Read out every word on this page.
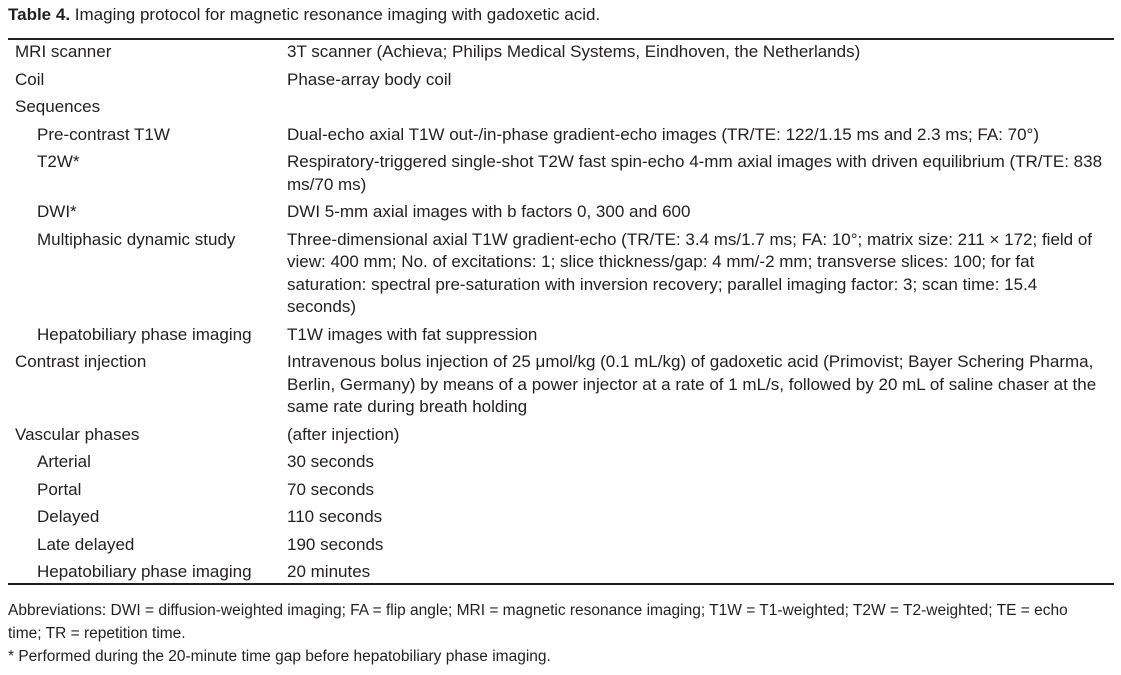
Table 4. Imaging protocol for magnetic resonance imaging with gadoxetic acid.
MRI scanner	3T scanner (Achieva; Philips Medical Systems, Eindhoven, the Netherlands)
Coil	Phase-array body coil
Sequences
Pre-contrast T1W	Dual-echo axial T1W out-/in-phase gradient-echo images (TR/TE: 122/1.15 ms and 2.3 ms; FA: 70°)
T2W*	Respiratory-triggered single-shot T2W fast spin-echo 4-mm axial images with driven equilibrium (TR/TE: 838 ms/70 ms)
DWI*	DWI 5-mm axial images with b factors 0, 300 and 600
Multiphasic dynamic study	Three-dimensional axial T1W gradient-echo (TR/TE: 3.4 ms/1.7 ms; FA: 10°; matrix size: 211 × 172; field of view: 400 mm; No. of excitations: 1; slice thickness/gap: 4 mm/-2 mm; transverse slices: 100; for fat saturation: spectral pre-saturation with inversion recovery; parallel imaging factor: 3; scan time: 15.4 seconds)
Hepatobiliary phase imaging	T1W images with fat suppression
Contrast injection	Intravenous bolus injection of 25 μmol/kg (0.1 mL/kg) of gadoxetic acid (Primovist; Bayer Schering Pharma, Berlin, Germany) by means of a power injector at a rate of 1 mL/s, followed by 20 mL of saline chaser at the same rate during breath holding
Vascular phases	(after injection)
Arterial	30 seconds
Portal	70 seconds
Delayed	110 seconds
Late delayed	190 seconds
Hepatobiliary phase imaging	20 minutes
Abbreviations: DWI = diffusion-weighted imaging; FA = flip angle; MRI = magnetic resonance imaging; T1W = T1-weighted; T2W = T2-weighted; TE = echo time; TR = repetition time.
* Performed during the 20-minute time gap before hepatobiliary phase imaging.
